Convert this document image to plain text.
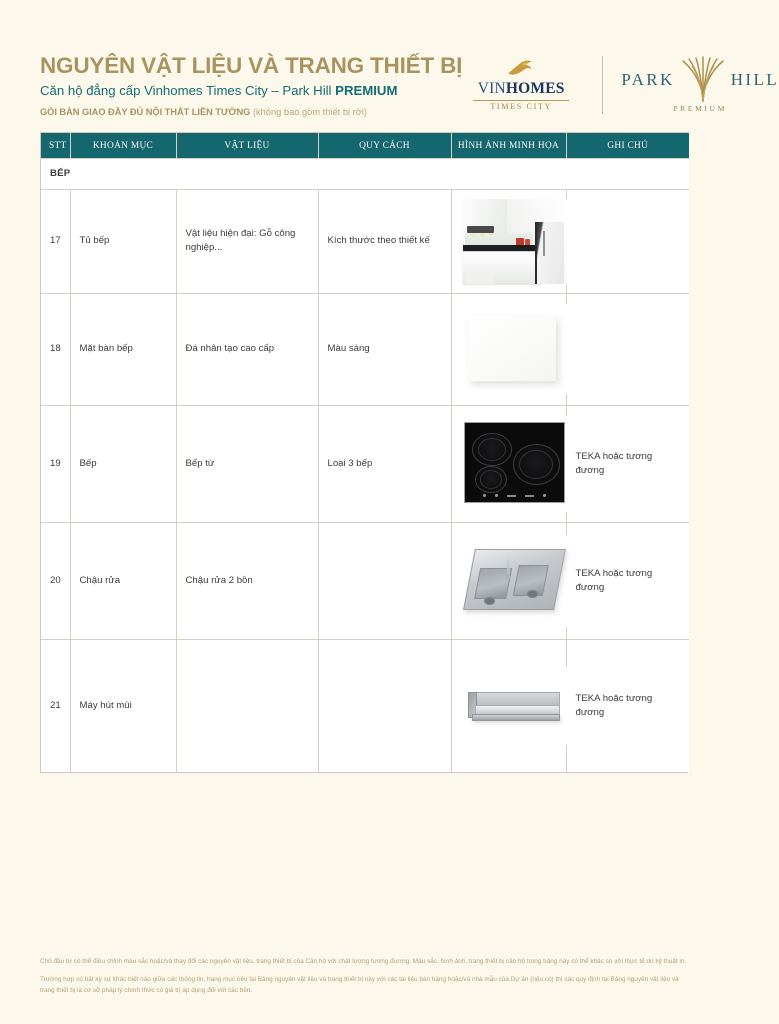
NGUYÊN VẬT LIỆU VÀ TRANG THIẾT BỊ
Căn hộ đẳng cấp Vinhomes Times City – Park Hill PREMIUM
GÓI BÀN GIAO ĐẦY ĐỦ NỘI THẤT LIỀN TƯỜNG (không bao gồm thiết bị rời)
VINHOMES
TIMES CITY
PARK	HILL
PREMIUM
STT	KHOẢN MỤC	VẬT LIỆU	QUY CÁCH	HÌNH ẢNH MINH HỌA	GHI CHÚ
BẾP					
17	Tủ bếp	Vật liệu hiện đại: Gỗ công nghiệp...	Kích thước theo thiết kế	

18	Mặt bàn bếp	Đá nhân tạo cao cấp	Màu sáng	

19	Bếp	Bếp từ	Loại 3 bếp		TEKA hoặc tương đương
20	Chậu rửa	Chậu rửa 2 bồn			TEKA hoặc tương đương
21	Máy hút mùi				TEKA hoặc tương đương

Chủ đầu tư có thể điều chỉnh màu sắc hoặc/và thay đổi các nguyên vật liệu, trang thiết bị của Căn hộ với chất lượng tương đương. Màu sắc, hình ảnh, trang thiết bị căn hộ trong bảng này có thể khác so với thực tế do kỹ thuật in.

Trường hợp có bất kỳ sự khác biệt nào giữa các thông tin, hạng mục nêu tại Bảng nguyên vật liệu và trang thiết bị này với các tài liệu bán hàng hoặc/và nhà mẫu của Dự án (nếu có) thì các quy định tại Bảng nguyên vật liệu và trang thiết bị là cơ sở pháp lý chính thức có giá trị áp dụng đối với các bên.
